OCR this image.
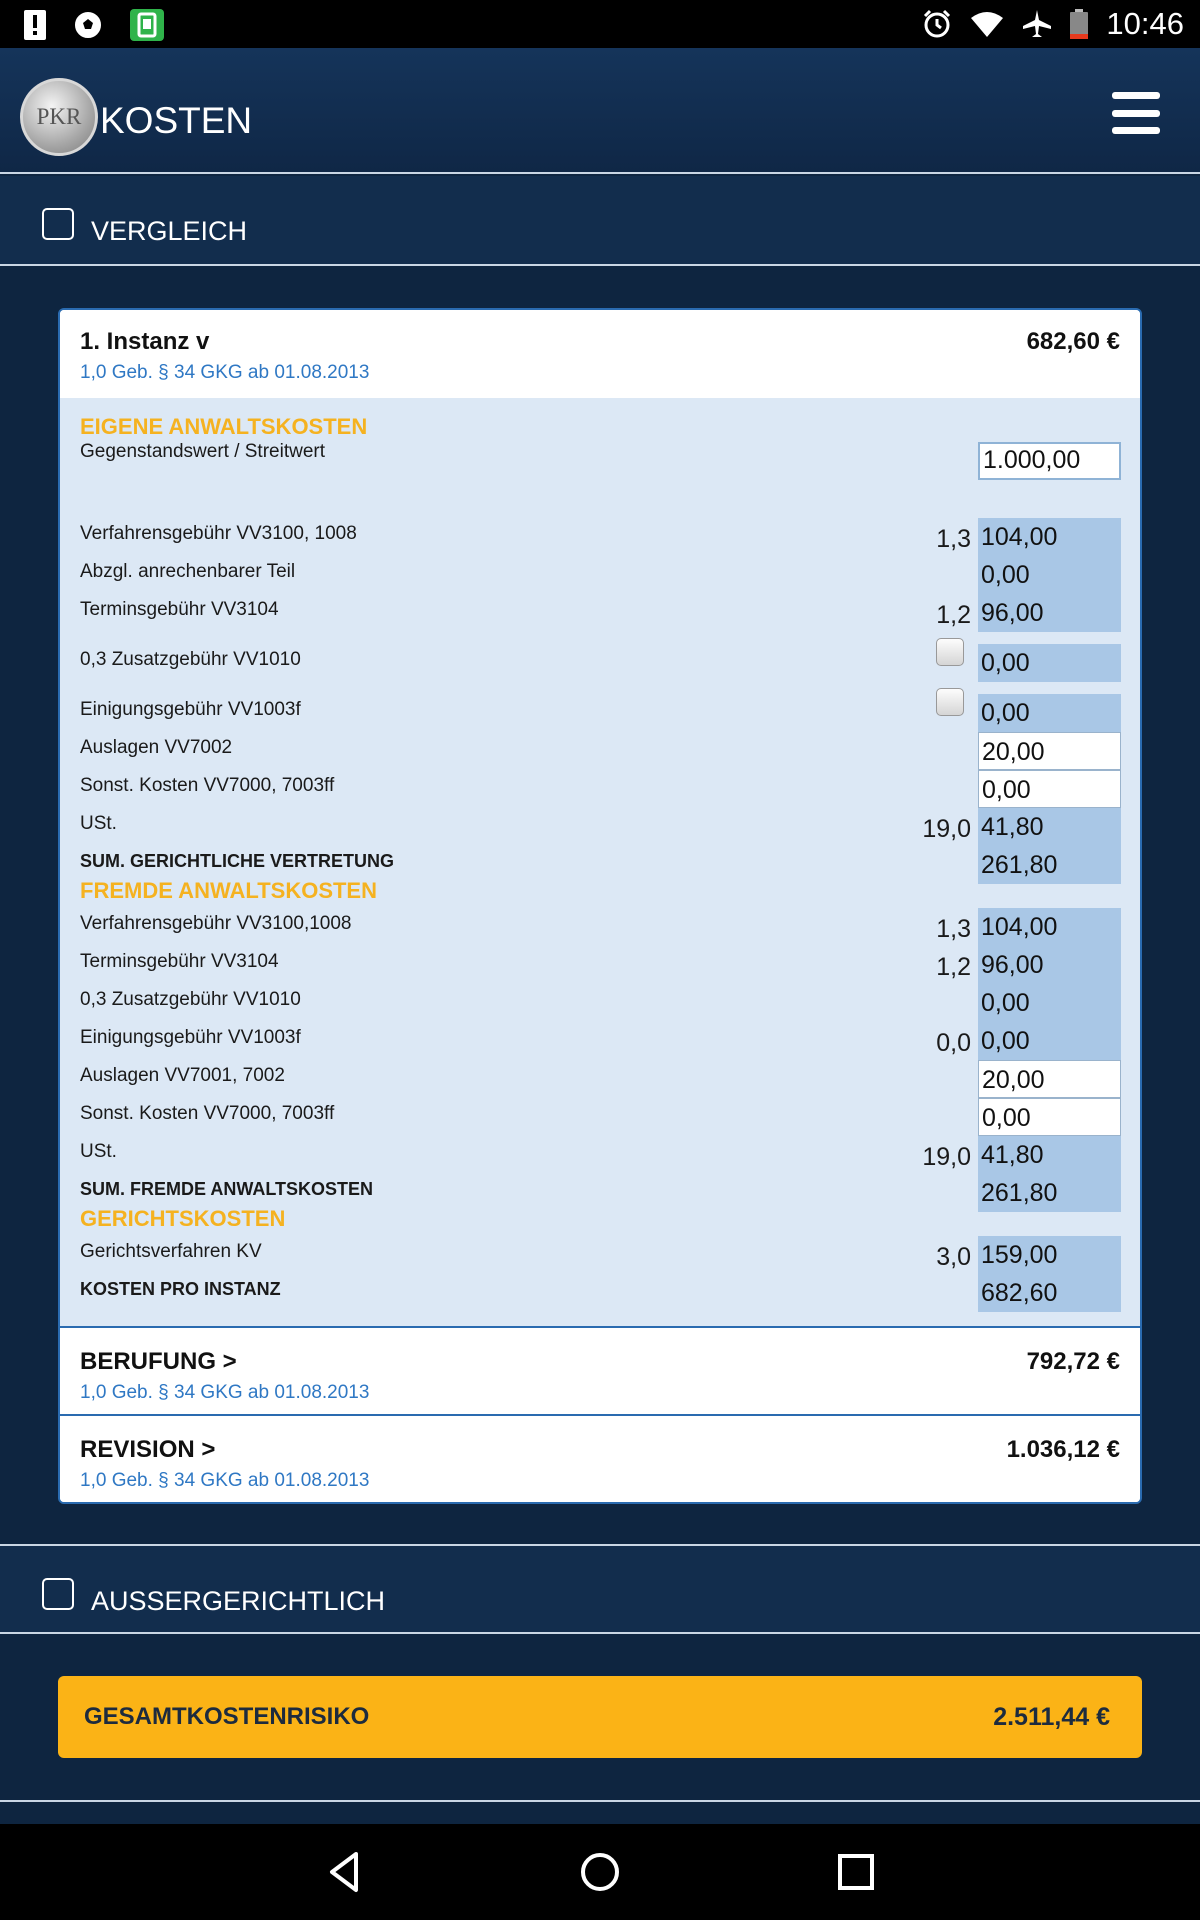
10:46
PKR KOSTEN
VERGLEICH
1. Instanz v
1,0 Geb. § 34 GKG ab 01.08.2013
682,60 €
EIGENE ANWALTSKOSTEN
Gegenstandswert / Streitwert	1.000,00
Verfahrensgebühr VV3100, 1008	1,3 104,00
Abzgl. anrechenbarer Teil	0,00
Terminsgebühr VV3104	1,2 96,00
0,3 Zusatzgebühr VV1010	0,00
Einigungsgebühr VV1003f	0,00
Auslagen VV7002	20,00
Sonst. Kosten VV7000, 7003ff	0,00
USt.	19,0 41,80
SUM. GERICHTLICHE VERTRETUNG	261,80
FREMDE ANWALTSKOSTEN
Verfahrensgebühr VV3100,1008	1,3 104,00
Terminsgebühr VV3104	1,2 96,00
0,3 Zusatzgebühr VV1010	0,00
Einigungsgebühr VV1003f	0,0 0,00
Auslagen VV7001, 7002	20,00
Sonst. Kosten VV7000, 7003ff	0,00
USt.	19,0 41,80
SUM. FREMDE ANWALTSKOSTEN	261,80
GERICHTSKOSTEN
Gerichtsverfahren KV	3,0 159,00
KOSTEN PRO INSTANZ	682,60
BERUFUNG >
1,0 Geb. § 34 GKG ab 01.08.2013
792,72 €
REVISION >
1,0 Geb. § 34 GKG ab 01.08.2013
1.036,12 €
AUSSERGERICHTLICH
GESAMTKOSTENRISIKO	2.511,44 €
